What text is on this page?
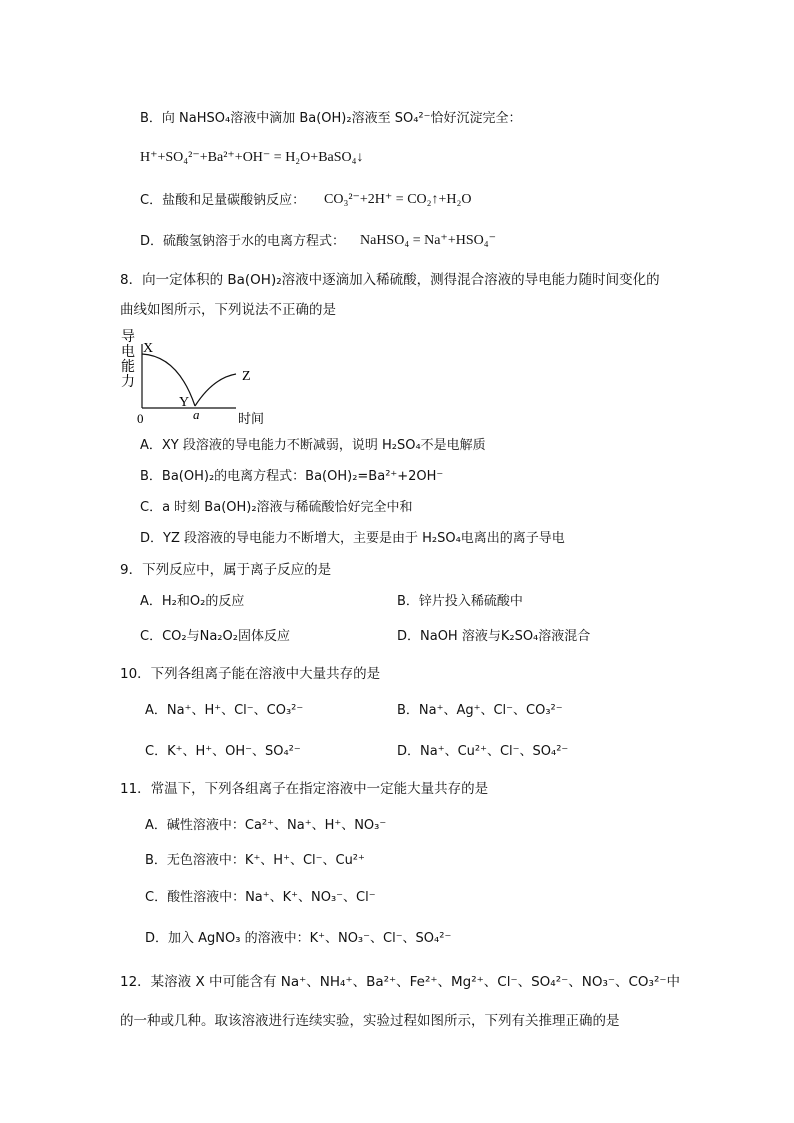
B．向 NaHSO₄溶液中滴加 Ba(OH)₂溶液至 SO₄²⁻恰好沉淀完全：
H⁺+SO₄²⁻+Ba²⁺+OH⁻ = H₂O+BaSO₄↓
C．盐酸和足量碳酸钠反应： CO₃²⁻+2H⁺ = CO₂↑+H₂O
D．硫酸氢钠溶于水的电离方程式： NaHSO₄ = Na⁺+HSO₄⁻
8．向一定体积的 Ba(OH)₂溶液中逐滴加入稀硫酸，测得混合溶液的导电能力随时间变化的
曲线如图所示，下列说法不正确的是
导
电
能
力
X
Y
a
Z
0	时间
A．XY 段溶液的导电能力不断减弱，说明 H₂SO₄不是电解质
B．Ba(OH)₂的电离方程式：Ba(OH)₂=Ba²⁺+2OH⁻
C．a 时刻 Ba(OH)₂溶液与稀硫酸恰好完全中和
D．YZ 段溶液的导电能力不断增大，主要是由于 H₂SO₄电离出的离子导电
9．下列反应中，属于离子反应的是
A．H₂和O₂的反应	B．锌片投入稀硫酸中
C．CO₂与Na₂O₂固体反应	D．NaOH 溶液与K₂SO₄溶液混合
10．下列各组离子能在溶液中大量共存的是
A．Na⁺、H⁺、Cl⁻、CO₃²⁻	B．Na⁺、Ag⁺、Cl⁻、CO₃²⁻
C．K⁺、H⁺、OH⁻、SO₄²⁻	D．Na⁺、Cu²⁺、Cl⁻、SO₄²⁻
11．常温下，下列各组离子在指定溶液中一定能大量共存的是
A．碱性溶液中：Ca²⁺、Na⁺、H⁺、NO₃⁻
B．无色溶液中：K⁺、H⁺、Cl⁻、Cu²⁺
C．酸性溶液中：Na⁺、K⁺、NO₃⁻、Cl⁻
D．加入 AgNO₃ 的溶液中：K⁺、NO₃⁻、Cl⁻、SO₄²⁻
12．某溶液 X 中可能含有 Na⁺、NH₄⁺、Ba²⁺、Fe²⁺、Mg²⁺、Cl⁻、SO₄²⁻、NO₃⁻、CO₃²⁻中
的一种或几种。取该溶液进行连续实验，实验过程如图所示，下列有关推理正确的是
